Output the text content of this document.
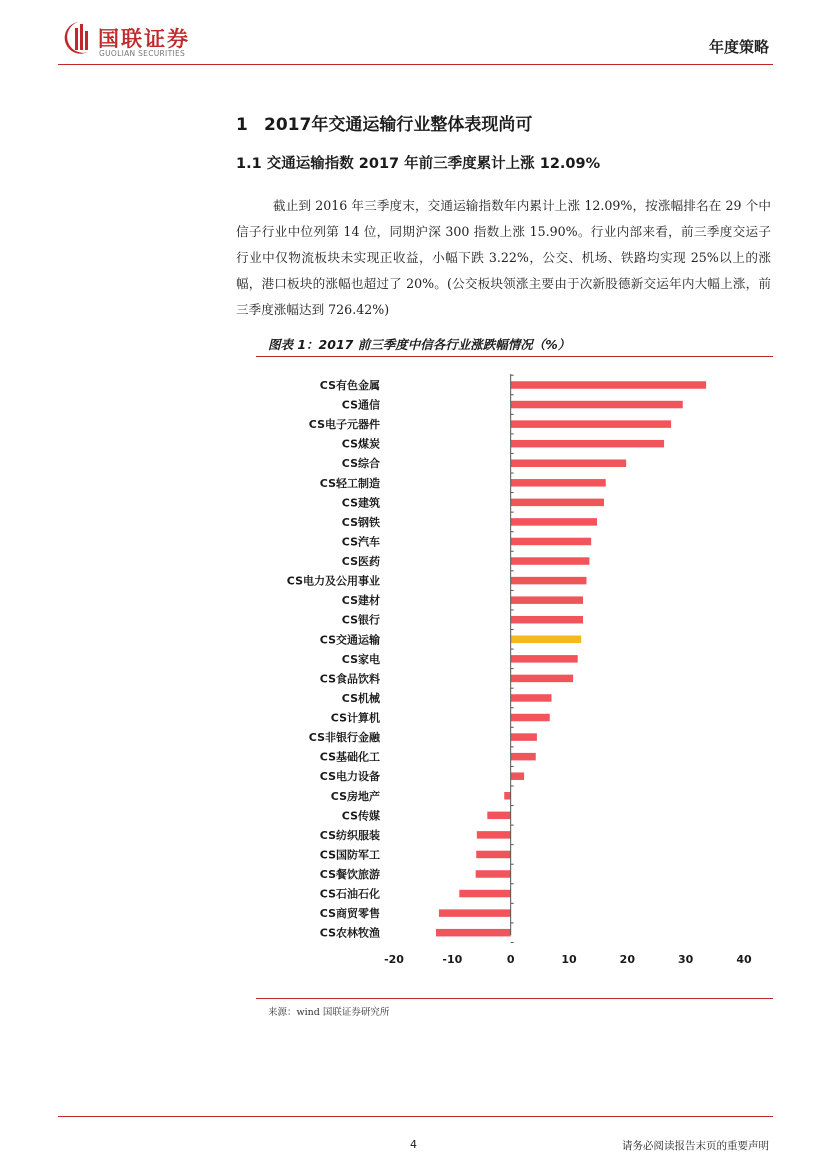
国联证券
GUOLIAN SECURITIES	年度策略
1 2017年交通运输行业整体表现尚可
1.1 交通运输指数 2017 年前三季度累计上涨 12.09%
截止到 2016 年三季度末，交通运输指数年内累计上涨 12.09%，按涨幅排名在 29 个中信子行业中位列第 14 位，同期沪深 300 指数上涨 15.90%。行业内部来看，前三季度交运子行业中仅物流板块未实现正收益，小幅下跌 3.22%，公交、机场、铁路均实现 25%以上的涨幅，港口板块的涨幅也超过了 20%。(公交板块领涨主要由于次新股德新交运年内大幅上涨，前三季度涨幅达到 726.42%)
图表 1：2017 前三季度中信各行业涨跌幅情况（%）
CS有色金属
CS通信
CS电子元器件
CS煤炭
CS综合
CS轻工制造
CS建筑
CS钢铁
CS汽车
CS医药
CS电力及公用事业
CS建材
CS银行
CS交通运输
CS家电
CS食品饮料
CS机械
CS计算机
CS非银行金融
CS基础化工
CS电力设备
CS房地产
CS传媒
CS纺织服装
CS国防军工
CS餐饮旅游
CS石油石化
CS商贸零售
CS农林牧渔
-20	-10	0	10	20	30	40
来源：wind 国联证券研究所
4	请务必阅读报告末页的重要声明
